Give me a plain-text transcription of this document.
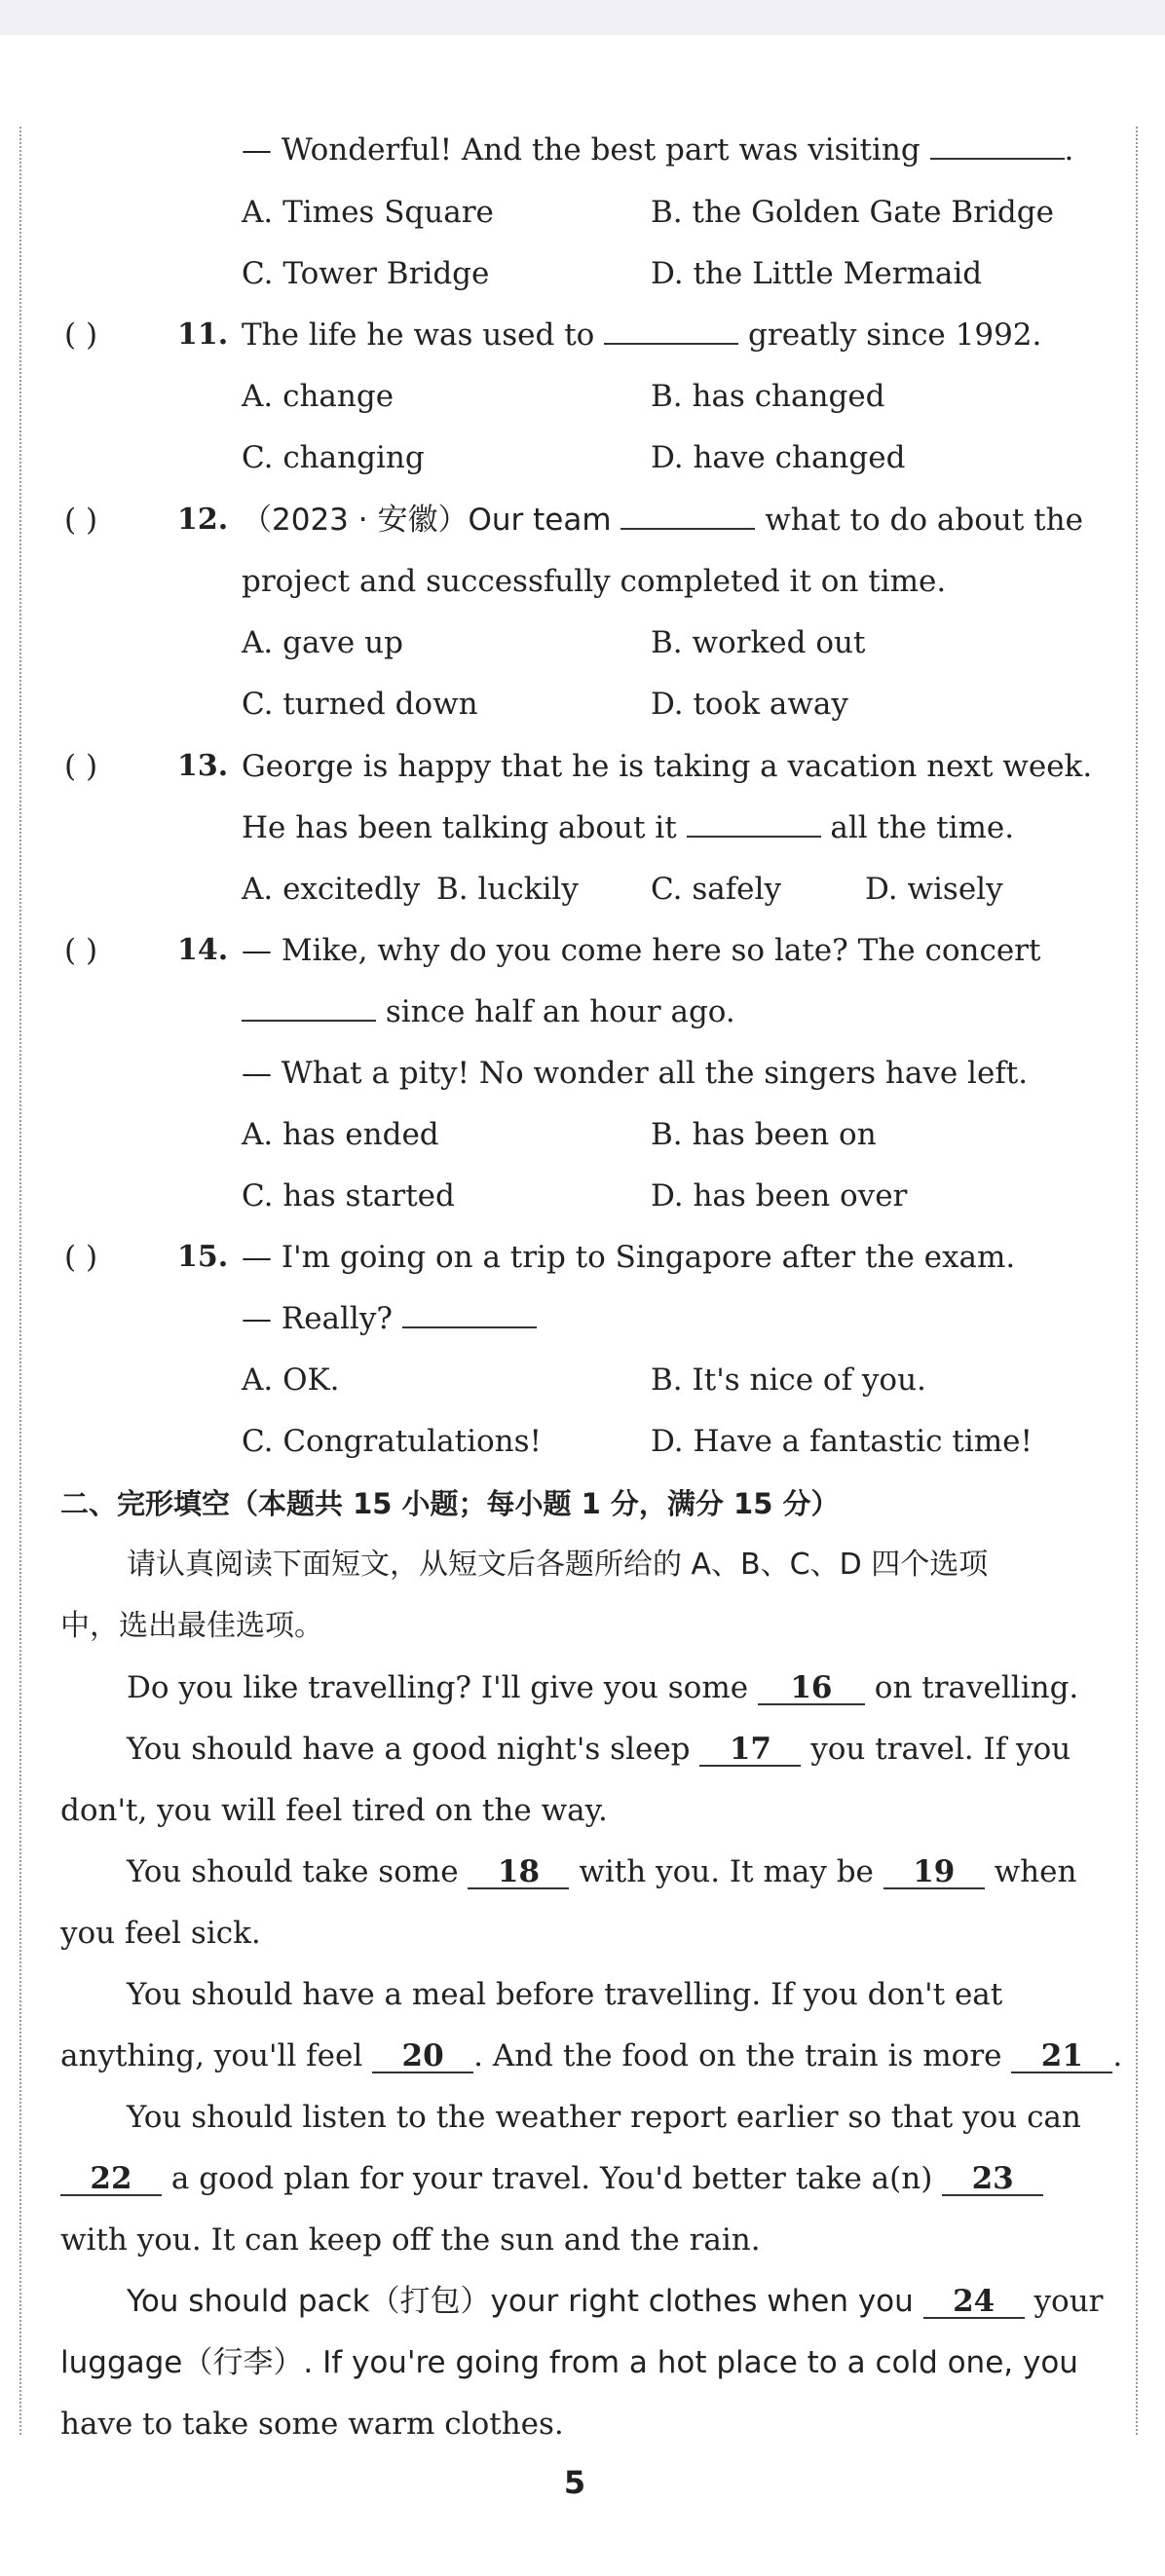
— Wonderful! And the best part was visiting	.
A. Times Square	B. the Golden Gate Bridge
C. Tower Bridge	D. the Little Mermaid
( )	11. The life he was used to	greatly since 1992.
A. change	B. has changed
C. changing	D. have changed
( )	12. （2023 · 安徽）Our team	what to do about the
project and successfully completed it on time.
A. gave up	B. worked out
C. turned down	D. took away
( )	13. George is happy that he is taking a vacation next week.
He has been talking about it	all the time.
A. excitedly B. luckily C. safely	D. wisely
( )	14. — Mike, why do you come here so late? The concert
since half an hour ago.
— What a pity! No wonder all the singers have left.
A. has ended	B. has been on
C. has started	D. has been over
( )	15. — I'm going on a trip to Singapore after the exam.
— Really?
A. OK.	B. It's nice of you.
C. Congratulations!	D. Have a fantastic time!
二、完形填空（本题共 15 小题；每小题 1 分，满分 15 分）
请认真阅读下面短文，从短文后各题所给的 A、B、C、D 四个选项
中，选出最佳选项。
Do you like travelling? I'll give you some 16 on travelling.
You should have a good night's sleep 17 you travel. If you
don't, you will feel tired on the way.
You should take some 18 with you. It may be 19 when
you feel sick.
You should have a meal before travelling. If you don't eat
anything, you'll feel 20 . And the food on the train is more 21 .
You should listen to the weather report earlier so that you can
22 a good plan for your travel. You'd better take a(n) 23
with you. It can keep off the sun and the rain.
You should pack（打包）your right clothes when you 24 your
luggage（行李）. If you're going from a hot place to a cold one, you
have to take some warm clothes.
5
